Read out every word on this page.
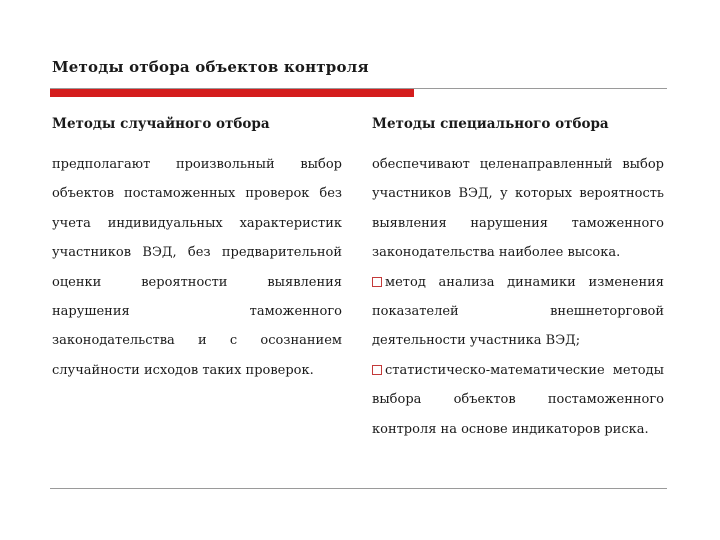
Методы отбора объектов контроля
Методы случайного отбора	Методы специального отбора

предполагают произвольный выбор объектов постаможенных проверок без учета индивидуальных характеристик участников ВЭД, без предварительной оценки вероятности выявления нарушения таможенного законодательства и с осознанием случайности исходов таких проверок.

обеспечивают целенаправленный выбор участников ВЭД, у которых вероятность выявления нарушения таможенного законодательства наиболее высока.

метод анализа динамики изменения показателей внешнеторговой деятельности участника ВЭД;

статистическо-математические методы выбора объектов постаможенного контроля на основе индикаторов риска.
